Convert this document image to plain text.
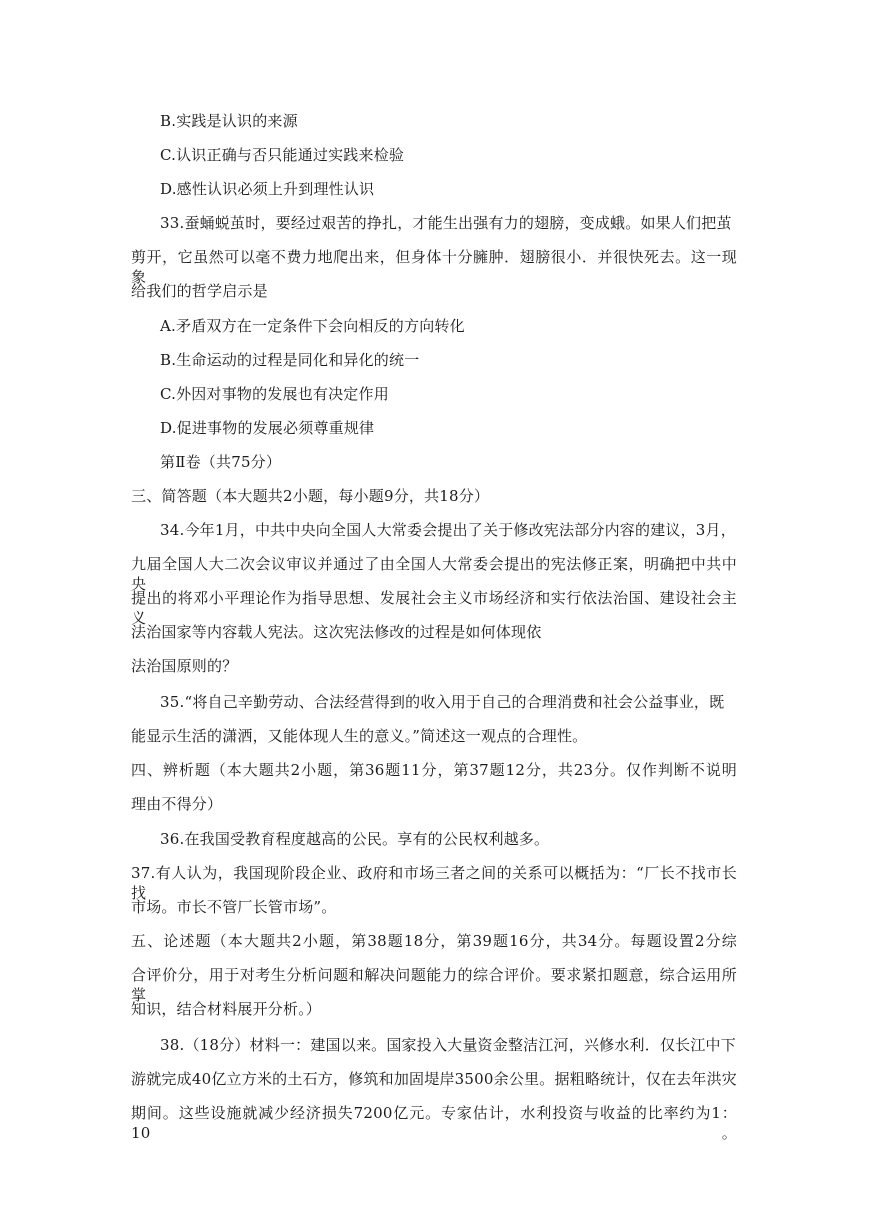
B.实践是认识的来源
C.认识正确与否只能通过实践来检验
D.感性认识必须上升到理性认识
33.蚕蛹蜕茧时，要经过艰苦的挣扎，才能生出强有力的翅膀，变成蛾。如果人们把茧
剪开，它虽然可以毫不费力地爬出来，但身体十分臃肿．翅膀很小．并很快死去。这一现象
给我们的哲学启示是
A.矛盾双方在一定条件下会向相反的方向转化
B.生命运动的过程是同化和异化的统一
C.外因对事物的发展也有决定作用
D.促进事物的发展必须尊重规律
第Ⅱ卷（共75分）
三、简答题（本大题共2小题，每小题9分，共18分）
34.今年1月，中共中央向全国人大常委会提出了关于修改宪法部分内容的建议，3月，
九届全国人大二次会议审议并通过了由全国人大常委会提出的宪法修正案，明确把中共中央
提出的将邓小平理论作为指导思想、发展社会主义市场经济和实行依法治国、建设社会主义
法治国家等内容载人宪法。这次宪法修改的过程是如何体现依
法治国原则的？
35.“将自己辛勤劳动、合法经营得到的收入用于自己的合理消费和社会公益事业，既
能显示生活的潇洒，又能体现人生的意义。”简述这一观点的合理性。
四、辨析题（本大题共2小题，第36题11分，第37题12分，共23分。仅作判断不说明
理由不得分）
36.在我国受教育程度越高的公民。享有的公民权利越多。
37.有人认为，我国现阶段企业、政府和市场三者之间的关系可以概括为：“厂长不找市长找
市场。市长不管厂长管市场”。
五、论述题（本大题共2小题，第38题18分，第39题16分，共34分。每题设置2分综
合评价分，用于对考生分析问题和解决问题能力的综合评价。要求紧扣题意，综合运用所掌
知识，结合材料展开分析。）
38.（18分）材料一：建国以来。国家投入大量资金整洁江河，兴修水利．仅长江中下
游就完成40亿立方米的土石方，修筑和加固堤岸3500余公里。据粗略统计，仅在去年洪灾
期间。这些设施就减少经济损失7200亿元。专家估计，水利投资与收益的比率约为1：10。
